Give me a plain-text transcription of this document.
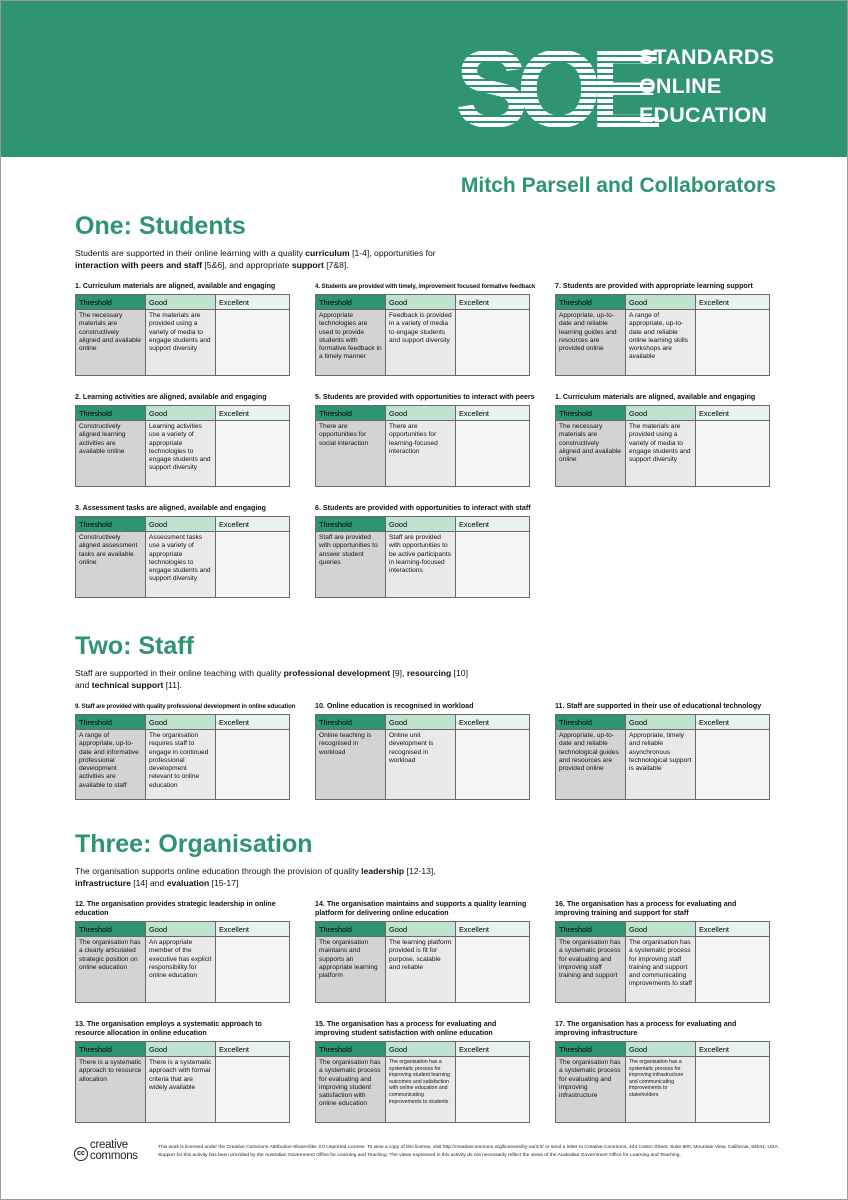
SOE
STANDARDS
ONLINE
EDUCATION
Mitch Parsell and Collaborators
One: Students
Students are supported in their online learning with a quality curriculum [1-4], opportunities for interaction with peers and staff [5&6], and appropriate support [7&8].
Two: Staff
Staff are supported in their online teaching with quality professional development [9], resourcing [10] and technical support [11].
Three: Organisation
The organisation supports online education through the provision of quality leadership [12-13], infrastructure [14] and evaluation [15-17]
1. Curriculum materials are aligned, available and engaging
Threshold	Good	Excellent
The necessary materials are constructively aligned and available online	The materials are provided using a variety of media to engage students and support diversity	
4. Students are provided with timely, improvement focused formative feedback
Threshold	Good	Excellent
Appropriate technologies are used to provide students with formative feedback in a timely manner	Feedback is provided in a variety of media to engage students and support diversity	
7. Students are provided with appropriate learning support
Threshold	Good	Excellent
Appropriate, up-to-date and reliable learning guides and resources are provided online	A range of appropriate, up-to-date and reliable online learning skills workshops are available	
2. Learning activities are aligned, available and engaging
Threshold	Good	Excellent
Constructively aligned learning activities are available online	Learning activities use a variety of appropriate technologies to engage students and support diversity	
5. Students are provided with opportunities to interact with peers
Threshold	Good	Excellent
There are opportunities for social interaction	There are opportunities for learning-focused interaction	
1. Curriculum materials are aligned, available and engaging
Threshold	Good	Excellent
The necessary materials are constructively aligned and available online	The materials are provided using a variety of media to engage students and support diversity	
3. Assessment tasks are aligned, available and engaging
Threshold	Good	Excellent
Constructively aligned assessment tasks are available online	Assessment tasks use a variety of appropriate technologies to engage students and support diversity	
6. Students are provided with opportunities to interact with staff
Threshold	Good	Excellent
Staff are provided with opportunities to answer student queries	Staff are provided with opportunities to be active participants in learning-focused interactions	
9. Staff are provided with quality professional development in online education
Threshold	Good	Excellent
A range of appropriate, up-to-date and informative professional development activities are available to staff	The organisation requires staff to engage in continued professional development relevant to online education	
10. Online education is recognised in workload
Threshold	Good	Excellent
Online teaching is recognised in workload	Online unit development is recognised in workload	
11. Staff are supported in their use of educational technology
Threshold	Good	Excellent
Appropriate, up-to-date and reliable technological guides and resources are provided online	Appropriate, timely and reliable asynchronous technological support is available	
12. The organisation provides strategic leadership in online education
Threshold	Good	Excellent
The organisation has a clearly articulated strategic position on online education	An appropriate member of the executive has explicit responsibility for online education	
14. The organisation maintains and supports a quality learning platform for delivering online education
Threshold	Good	Excellent
The organisation maintains and supports an appropriate learning platform	The learning platform provided is fit for purpose, scalable and reliable	
16. The organisation has a process for evaluating and improving training and support for staff
Threshold	Good	Excellent
The organisation has a systematic process for evaluating and improving staff training and support	The organisation has a systematic process for improving staff training and support and communicating improvements to staff	
13. The organisation employs a systematic approach to resource allocation in online education
Threshold	Good	Excellent
There is a systematic approach to resource allocation	There is a systematic approach with formal criteria that are widely available	
15. The organisation has a process for evaluating and improving student satisfaction with online education
Threshold	Good	Excellent
The organisation has a systematic process for evaluating and improving student satisfaction with online education	The organisation has a systematic process for improving student learning outcomes and satisfaction with online education and communicating improvements to students	
17. The organisation has a process for evaluating and improving infrastructure
Threshold	Good	Excellent
The organisation has a systematic process for evaluating and improving infrastructure	The organisation has a systematic process for improving infrastructure and communicating improvements to stakeholders	
cc
creative
commons
This work is licensed under the Creative Commons Attribution-ShareAlike 3.0 Unported License. To view a copy of this license, visit http://creativecommons.org/licenses/by-sa/3.0/ or send a letter to Creative Commons, 444 Castro Street, Suite 900, Mountain View, California, 94041, USA.
Support for this activity has been provided by the Australian Government Office for Learning and Teaching. The views expressed in this activity do not necessarily reflect the views of the Australian Government Office for Learning and Teaching.
